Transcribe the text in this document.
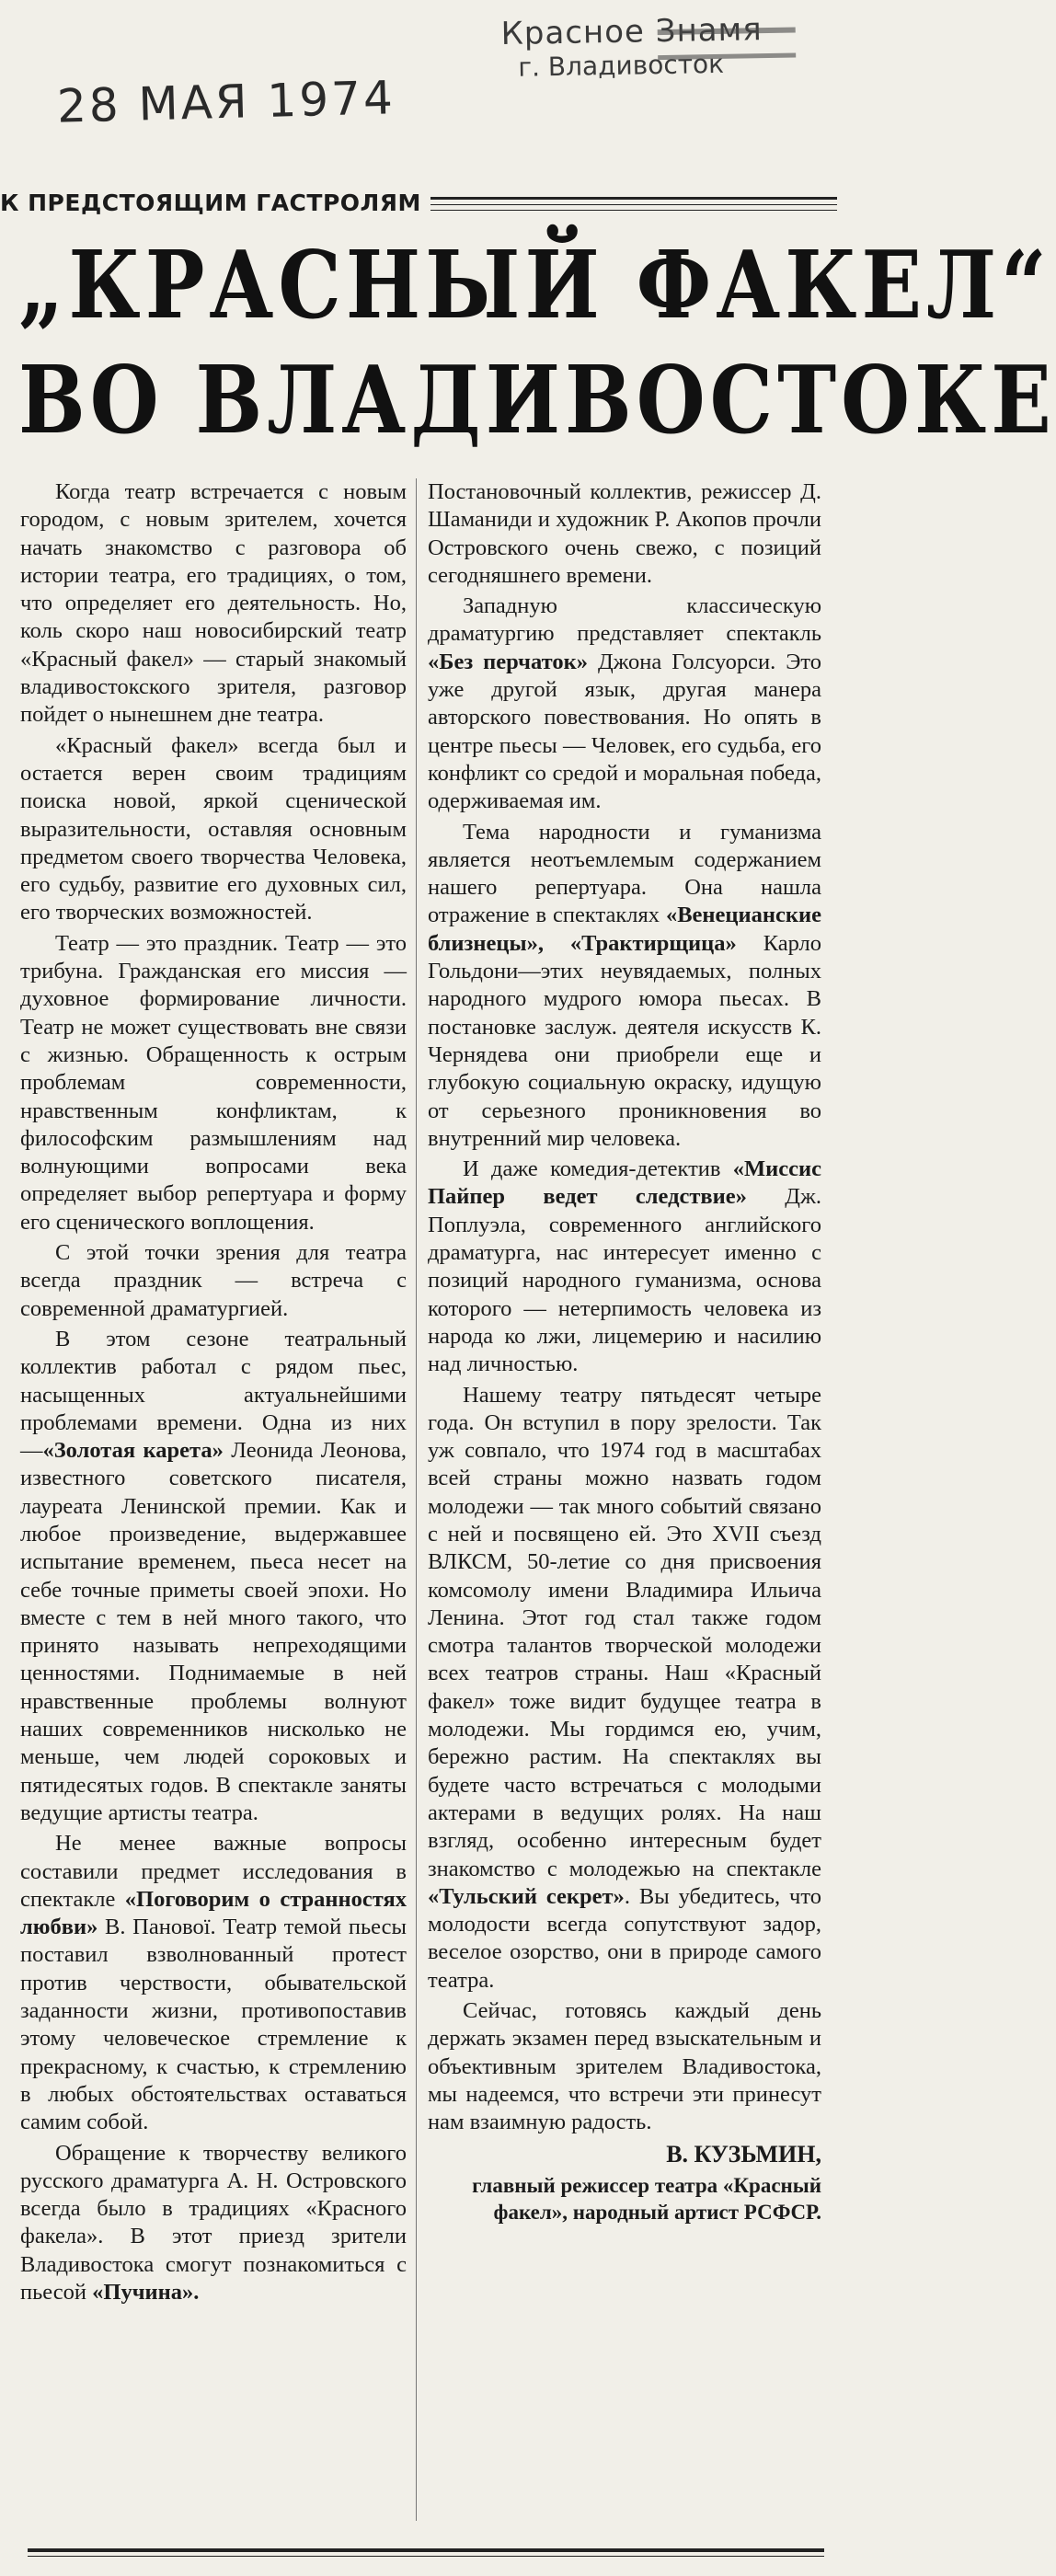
Красное Знамя
г. Владивосток
28 МАЯ 1974
К ПРЕДСТОЯЩИМ ГАСТРОЛЯМ
„КРАСНЫЙ ФАКЕЛ“
ВО ВЛАДИВОСТОКЕ

Когда театр встречается с новым городом, с новым зрителем, хочется начать знакомство с разговора об истории театра, его традициях, о том, что определяет его деятельность. Но, коль скоро наш новосибирский театр «Красный факел» — старый знакомый владивостокского зрителя, разговор пойдет о нынешнем дне театра.

«Красный факел» всегда был и остается верен своим традициям поиска новой, яркой сценической выразительности, оставляя основным предметом своего творчества Человека, его судьбу, развитие его духовных сил, его творческих возможностей.

Театр — это праздник. Театр — это трибуна. Гражданская его миссия — духовное формирование личности. Театр не может существовать вне связи с жизнью. Обращенность к острым проблемам современности, нравственным конфликтам, к философским размышлениям над волнующими вопросами века определяет выбор репертуара и форму его сценического воплощения.

С этой точки зрения для театра всегда праздник — встреча с современной драматургией.

В этом сезоне театральный коллектив работал с рядом пьес, насыщенных актуальнейшими проблемами времени. Одна из них—«Золотая карета» Леонида Леонова, известного советского писателя, лауреата Ленинской премии. Как и любое произведение, выдержавшее испытание временем, пьеса несет на себе точные приметы своей эпохи. Но вместе с тем в ней много такого, что принято называть непреходящими ценностями. Поднимаемые в ней нравственные проблемы волнуют наших современников нисколько не меньше, чем людей сороковых и пятидесятых годов. В спектакле заняты ведущие артисты театра.

Не менее важные вопросы составили предмет исследования в спектакле «Поговорим о странностях любви» В. Панової. Театр темой пьесы поставил взволнованный протест против черствости, обывательской заданности жизни, противопоставив этому человеческое стремление к прекрасному, к счастью, к стремлению в любых обстоятельствах оставаться самим собой.

Обращение к творчеству великого русского драматурга А. Н. Островского всегда было в традициях «Красного факела». В этот приезд зрители Владивостока смогут познакомиться с пьесой «Пучина».

Постановочный коллектив, режиссер Д. Шаманиди и художник Р. Акопов прочли Островского очень свежо, с позиций сегодняшнего времени.

Западную классическую драматургию представляет спектакль «Без перчаток» Джона Голсуорси. Это уже другой язык, другая манера авторского повествования. Но опять в центре пьесы — Человек, его судьба, его конфликт со средой и моральная победа, одерживаемая им.

Тема народности и гуманизма является неотъемлемым содержанием нашего репертуара. Она нашла отражение в спектаклях «Венецианские близнецы», «Трактирщица» Карло Гольдони—этих неувядаемых, полных народного мудрого юмора пьесах. В постановке заслуж. деятеля искусств К. Чернядева они приобрели еще и глубокую социальную окраску, идущую от серьезного проникновения во внутренний мир человека.

И даже комедия-детектив «Миссис Пайпер ведет следствие» Дж. Поплуэла, современного английского драматурга, нас интересует именно с позиций народного гуманизма, основа которого — нетерпимость человека из народа ко лжи, лицемерию и насилию над личностью.

Нашему театру пятьдесят четыре года. Он вступил в пору зрелости. Так уж совпало, что 1974 год в масштабах всей страны можно назвать годом молодежи — так много событий связано с ней и посвящено ей. Это XVII съезд ВЛКСМ, 50-летие со дня присвоения комсомолу имени Владимира Ильича Ленина. Этот год стал также годом смотра талантов творческой молодежи всех театров страны. Наш «Красный факел» тоже видит будущее театра в молодежи. Мы гордимся ею, учим, бережно растим. На спектаклях вы будете часто встречаться с молодыми актерами в ведущих ролях. На наш взгляд, особенно интересным будет знакомство с молодежью на спектакле «Тульский секрет». Вы убедитесь, что молодости всегда сопутствуют задор, веселое озорство, они в природе самого театра.

Сейчас, готовясь каждый день держать экзамен перед взыскательным и объективным зрителем Владивостока, мы надеемся, что встречи эти принесут нам взаимную радость.

В. КУЗЬМИН,

главный режиссер театра «Красный факел», народный артист РСФСР.
